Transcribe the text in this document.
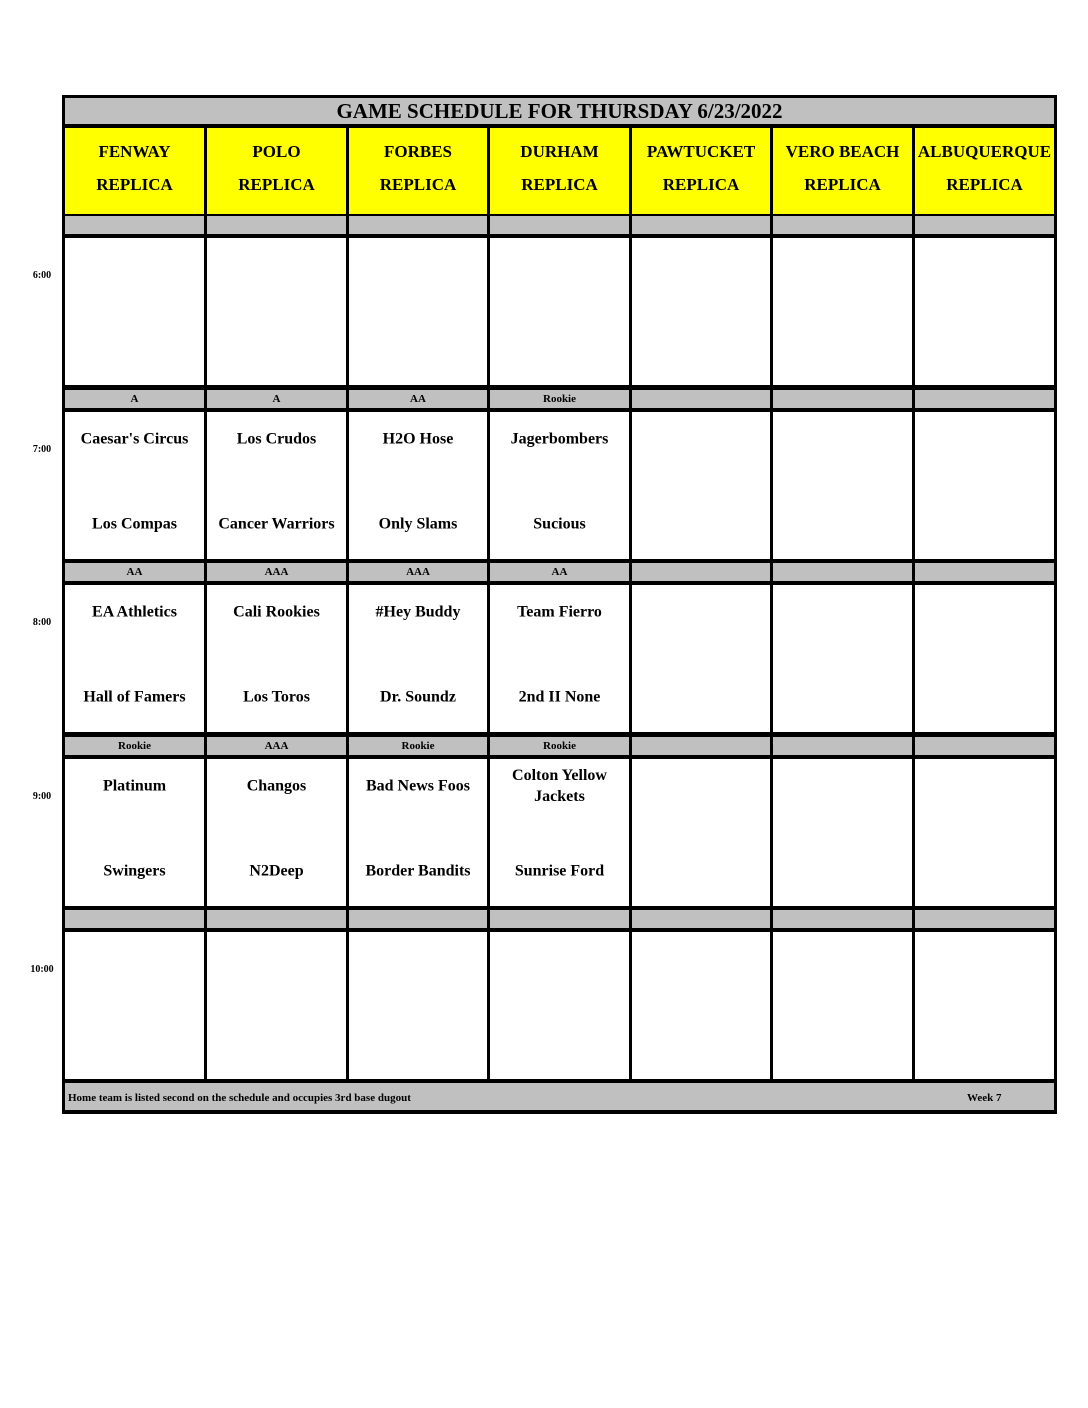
GAME SCHEDULE FOR THURSDAY 6/23/2022
FENWAY
REPLICA
POLO
REPLICA
FORBES
REPLICA
DURHAM
REPLICA
PAWTUCKET
REPLICA
VERO BEACH
REPLICA
ALBUQUERQUE
REPLICA
A
Caesar's Circus
Los Compas
A
Los Crudos
Cancer Warriors
AA
H2O Hose
Only Slams
Rookie
Jagerbombers
Sucious
AA
EA Athletics
Hall of Famers
AAA
Cali Rookies
Los Toros
AAA
#Hey Buddy
Dr. Soundz
AA
Team Fierro
2nd II None
Rookie
Platinum
Swingers
AAA
Changos
N2Deep
Rookie
Bad News Foos
Border Bandits
Rookie
Colton Yellow Jackets
Sunrise Ford
Home team is listed second on the schedule and occupies 3rd base dugout	Week 7
6:00
7:00
8:00
9:00
10:00
